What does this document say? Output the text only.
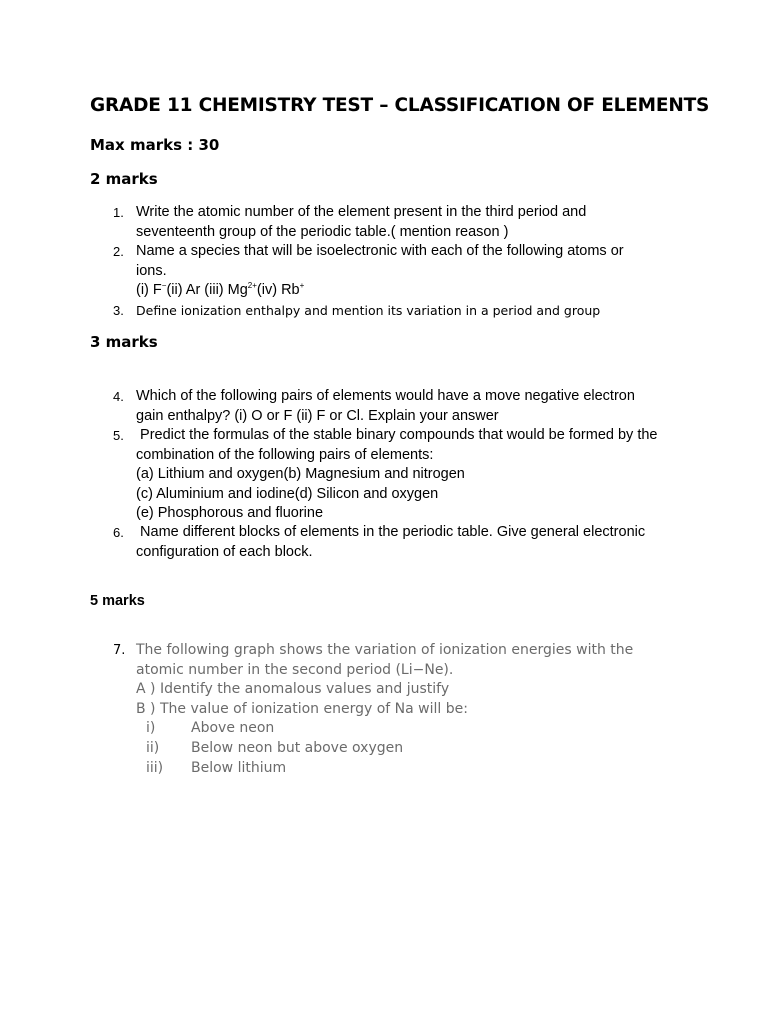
GRADE 11 CHEMISTRY TEST – CLASSIFICATION OF ELEMENTS
Max marks : 30
2 marks
1. Write the atomic number of the element present in the third period and
seventeenth group of the periodic table.( mention reason )
2. Name a species that will be isoelectronic with each of the following atoms or
ions.
(i) F−(ii) Ar (iii) $Mg^{2+}(iv)$ Rb+
3. Define ionization enthalpy and mention its variation in a period and group
3 marks
4. Which of the following pairs of elements would have a move negative electron
gain enthalpy? (i) O or F (ii) F or Cl. Explain your answer
5. Predict the formulas of the stable binary compounds that would be formed by the
combination of the following pairs of elements:
(a) Lithium and oxygen(b) Magnesium and nitrogen
(c) Aluminium and iodine(d) Silicon and oxygen
(e) Phosphorous and fluorine
6. Name different blocks of elements in the periodic table. Give general electronic
configuration of each block.
5 marks
7. The following graph shows the variation of ionization energies with the
atomic number in the second period (Li−Ne).
A ) Identify the anomalous values and justify
B ) The value of ionization energy of Na will be:
i)	Above neon
ii) Below neon but above oxygen
iii) Below lithium
